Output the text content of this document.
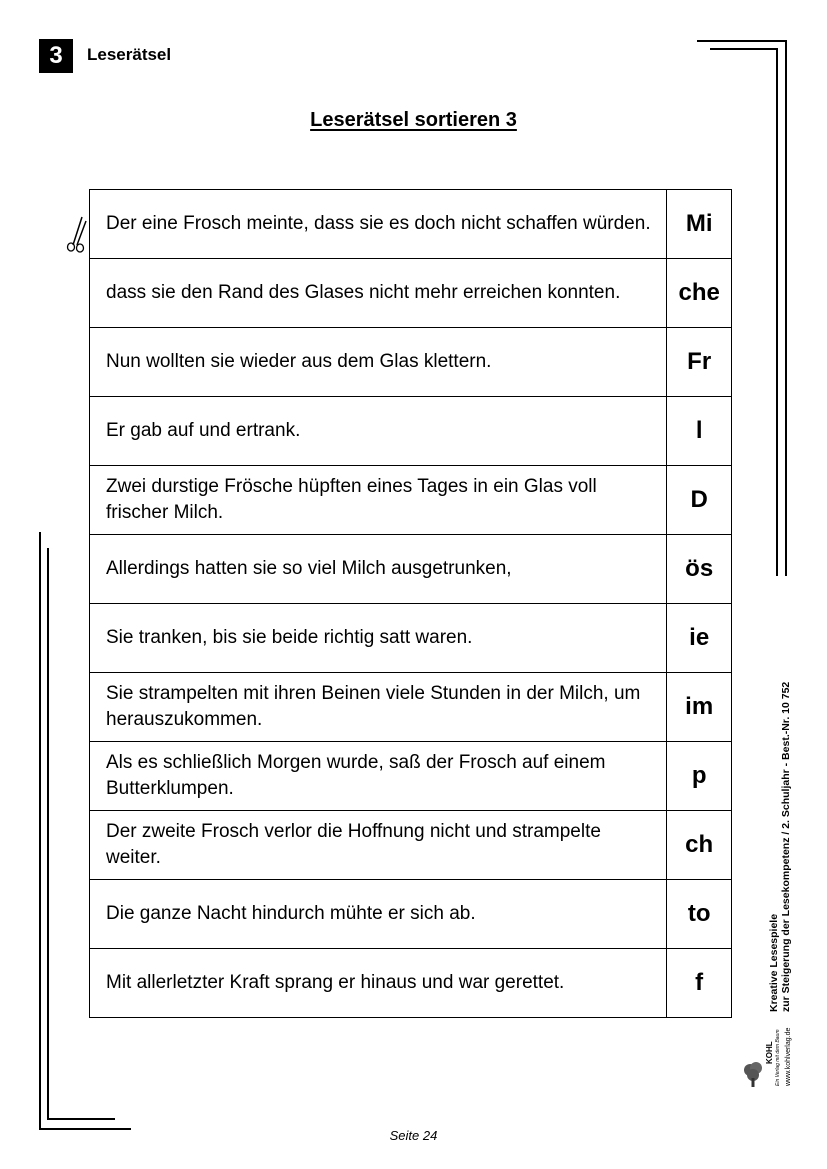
3	Leserätsel
Leserätsel sortieren 3
Der eine Frosch meinte, dass sie es doch nicht schaffen würden.	Mi
dass sie den Rand des Glases nicht mehr erreichen konnten.	che
Nun wollten sie wieder aus dem Glas klettern.	Fr
Er gab auf und ertrank.	l
Zwei durstige Frösche hüpften eines Tages in ein Glas voll frischer Milch.	D
Allerdings hatten sie so viel Milch ausgetrunken,	ös
Sie tranken, bis sie beide richtig satt waren.	ie
Sie strampelten mit ihren Beinen viele Stunden in der Milch, um herauszukommen.	im
Als es schließlich Morgen wurde, saß der Frosch auf einem Butterklumpen.	p
Der zweite Frosch verlor die Hoffnung nicht und strampelte weiter.	ch
Die ganze Nacht hindurch mühte er sich ab.	to
Mit allerletzter Kraft sprang er hinaus und war gerettet.	f	Kreative Lesespiele zur Steigerung der Lesekompetenz / 2. Schuljahr - Best.-Nr. 10 752
KOHL Ein Verlag mit dem Baum www.kohlverlag.de
Seite 24
